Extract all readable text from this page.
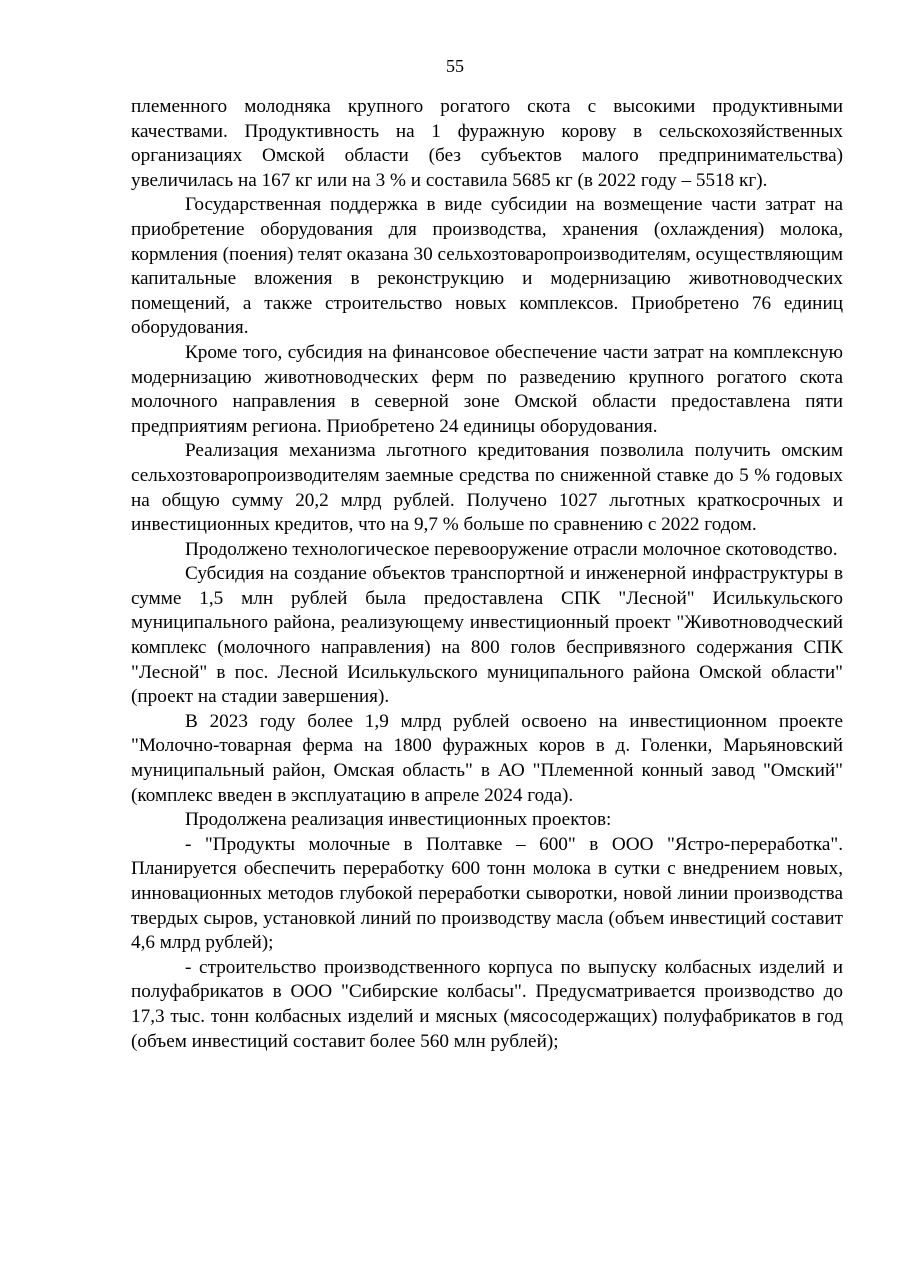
55

племенного молодняка крупного рогатого скота с высокими продуктивными качествами. Продуктивность на 1 фуражную корову в сельскохозяйственных организациях Омской области (без субъектов малого предпринимательства) увеличилась на 167 кг или на 3 % и составила 5685 кг (в 2022 году – 5518 кг).

Государственная поддержка в виде субсидии на возмещение части затрат на приобретение оборудования для производства, хранения (охлаждения) молока, кормления (поения) телят оказана 30 сельхозтоваропроизводителям, осуществляющим капитальные вложения в реконструкцию и модернизацию животноводческих помещений, а также строительство новых комплексов. Приобретено 76 единиц оборудования.

Кроме того, субсидия на финансовое обеспечение части затрат на комплексную модернизацию животноводческих ферм по разведению крупного рогатого скота молочного направления в северной зоне Омской области предоставлена пяти предприятиям региона. Приобретено 24 единицы оборудования.

Реализация механизма льготного кредитования позволила получить омским сельхозтоваропроизводителям заемные средства по сниженной ставке до 5 % годовых на общую сумму 20,2 млрд рублей. Получено 1027 льготных краткосрочных и инвестиционных кредитов, что на 9,7 % больше по сравнению с 2022 годом.

Продолжено технологическое перевооружение отрасли молочное скотоводство.

Субсидия на создание объектов транспортной и инженерной инфраструктуры в сумме 1,5 млн рублей была предоставлена СПК "Лесной" Исилькульского муниципального района, реализующему инвестиционный проект "Животноводческий комплекс (молочного направления) на 800 голов беспривязного содержания СПК "Лесной" в пос. Лесной Исилькульского муниципального района Омской области" (проект на стадии завершения).

В 2023 году более 1,9 млрд рублей освоено на инвестиционном проекте "Молочно-товарная ферма на 1800 фуражных коров в д. Голенки, Марьяновский муниципальный район, Омская область" в АО "Племенной конный завод "Омский" (комплекс введен в эксплуатацию в апреле 2024 года).

Продолжена реализация инвестиционных проектов:

- "Продукты молочные в Полтавке – 600" в ООО "Ястро-переработка". Планируется обеспечить переработку 600 тонн молока в сутки с внедрением новых, инновационных методов глубокой переработки сыворотки, новой линии производства твердых сыров, установкой линий по производству масла (объем инвестиций составит 4,6 млрд рублей);

- строительство производственного корпуса по выпуску колбасных изделий и полуфабрикатов в ООО "Сибирские колбасы". Предусматривается производство до 17,3 тыс. тонн колбасных изделий и мясных (мясосодержащих) полуфабрикатов в год (объем инвестиций составит более 560 млн рублей);
